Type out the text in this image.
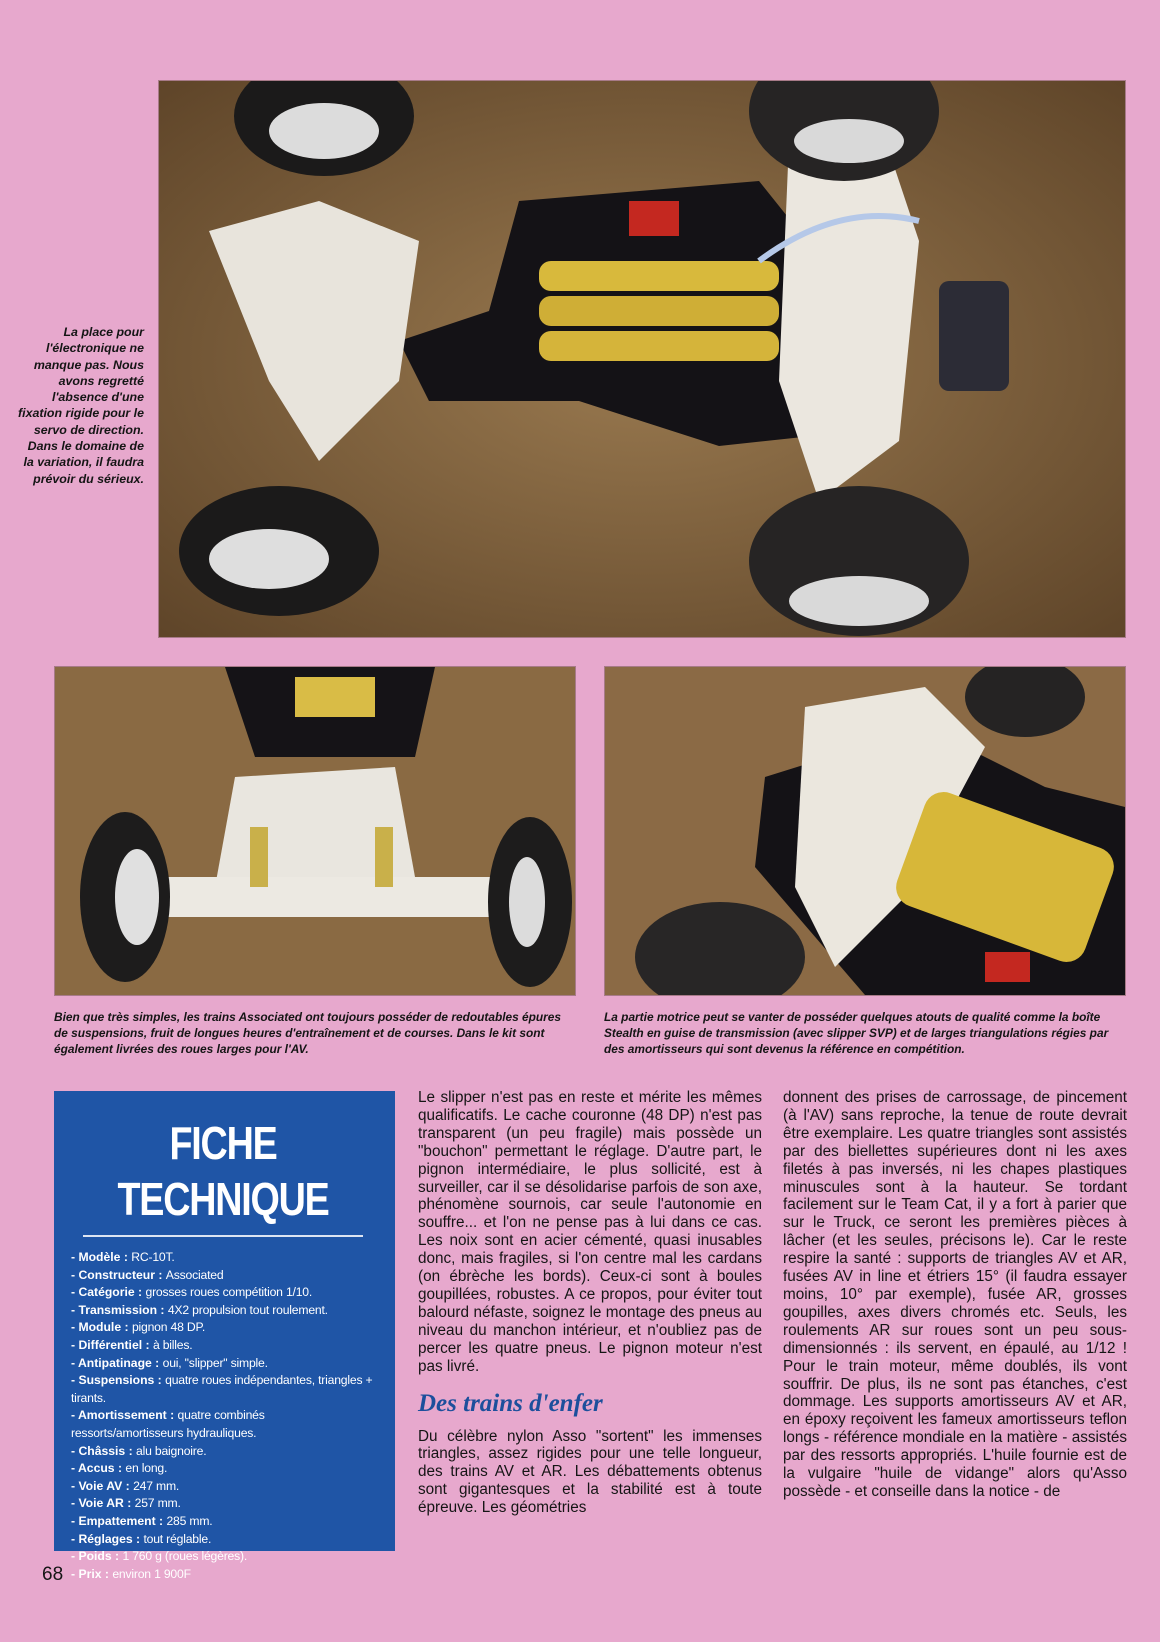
La place pour l'électronique ne manque pas. Nous avons regretté l'absence d'une fixation rigide pour le servo de direction. Dans le domaine de la variation, il faudra prévoir du sérieux.
Bien que très simples, les trains Associated ont toujours posséder de redoutables épures de suspensions, fruit de longues heures d'entraînement et de courses. Dans le kit sont également livrées des roues larges pour l'AV.
La partie motrice peut se vanter de posséder quelques atouts de qualité comme la boîte Stealth en guise de transmission (avec slipper SVP) et de larges triangulations régies par des amortisseurs qui sont devenus la référence en compétition.
FICHE TECHNIQUE

- Modèle : RC-10T.

- Constructeur : Associated

- Catégorie : grosses roues compétition 1/10.

- Transmission : 4X2 propulsion tout roulement.

- Module : pignon 48 DP.

- Différentiel : à billes.

- Antipatinage : oui, "slipper" simple.

- Suspensions : quatre roues indépendantes, triangles + tirants.

- Amortissement : quatre combinés ressorts/amortisseurs hydrauliques.

- Châssis : alu baignoire.

- Accus : en long.

- Voie AV : 247 mm.

- Voie AR : 257 mm.

- Empattement : 285 mm.

- Réglages : tout réglable.

- Poids : 1 760 g (roues légères).

- Prix : environ 1 900F

Le slipper n'est pas en reste et mérite les mêmes qualificatifs. Le cache couronne (48 DP) n'est pas transparent (un peu fragile) mais possède un "bouchon" permettant le réglage. D'autre part, le pignon intermédiaire, le plus sollicité, est à surveiller, car il se désolidarise parfois de son axe, phénomène sournois, car seule l'autonomie en souffre... et l'on ne pense pas à lui dans ce cas. Les noix sont en acier cémenté, quasi inusables donc, mais fragiles, si l'on centre mal les cardans (on ébrèche les bords). Ceux-ci sont à boules goupillées, robustes. A ce propos, pour éviter tout balourd néfaste, soignez le montage des pneus au niveau du manchon intérieur, et n'oubliez pas de percer les quatre pneus. Le pignon moteur n'est pas livré.

Des trains d'enfer

Du célèbre nylon Asso "sortent" les immenses triangles, assez rigides pour une telle longueur, des trains AV et AR. Les débattements obtenus sont gigantesques et la stabilité est à toute épreuve. Les géométries

donnent des prises de carrossage, de pincement (à l'AV) sans reproche, la tenue de route devrait être exemplaire. Les quatre triangles sont assistés par des biellettes supérieures dont ni les axes filetés à pas inversés, ni les chapes plastiques minuscules sont à la hauteur. Se tordant facilement sur le Team Cat, il y a fort à parier que sur le Truck, ce seront les premières pièces à lâcher (et les seules, précisons le). Car le reste respire la santé : supports de triangles AV et AR, fusées AV in line et étriers 15° (il faudra essayer moins, 10° par exemple), fusée AR, grosses goupilles, axes divers chromés etc. Seuls, les roulements AR sur roues sont un peu sous-dimensionnés : ils servent, en épaulé, au 1/12 ! Pour le train moteur, même doublés, ils vont souffrir. De plus, ils ne sont pas étanches, c'est dommage. Les supports amortisseurs AV et AR, en époxy reçoivent les fameux amortisseurs teflon longs - référence mondiale en la matière - assistés par des ressorts appropriés. L'huile fournie est de la vulgaire "huile de vidange" alors qu'Asso possède - et conseille dans la notice - de

68
